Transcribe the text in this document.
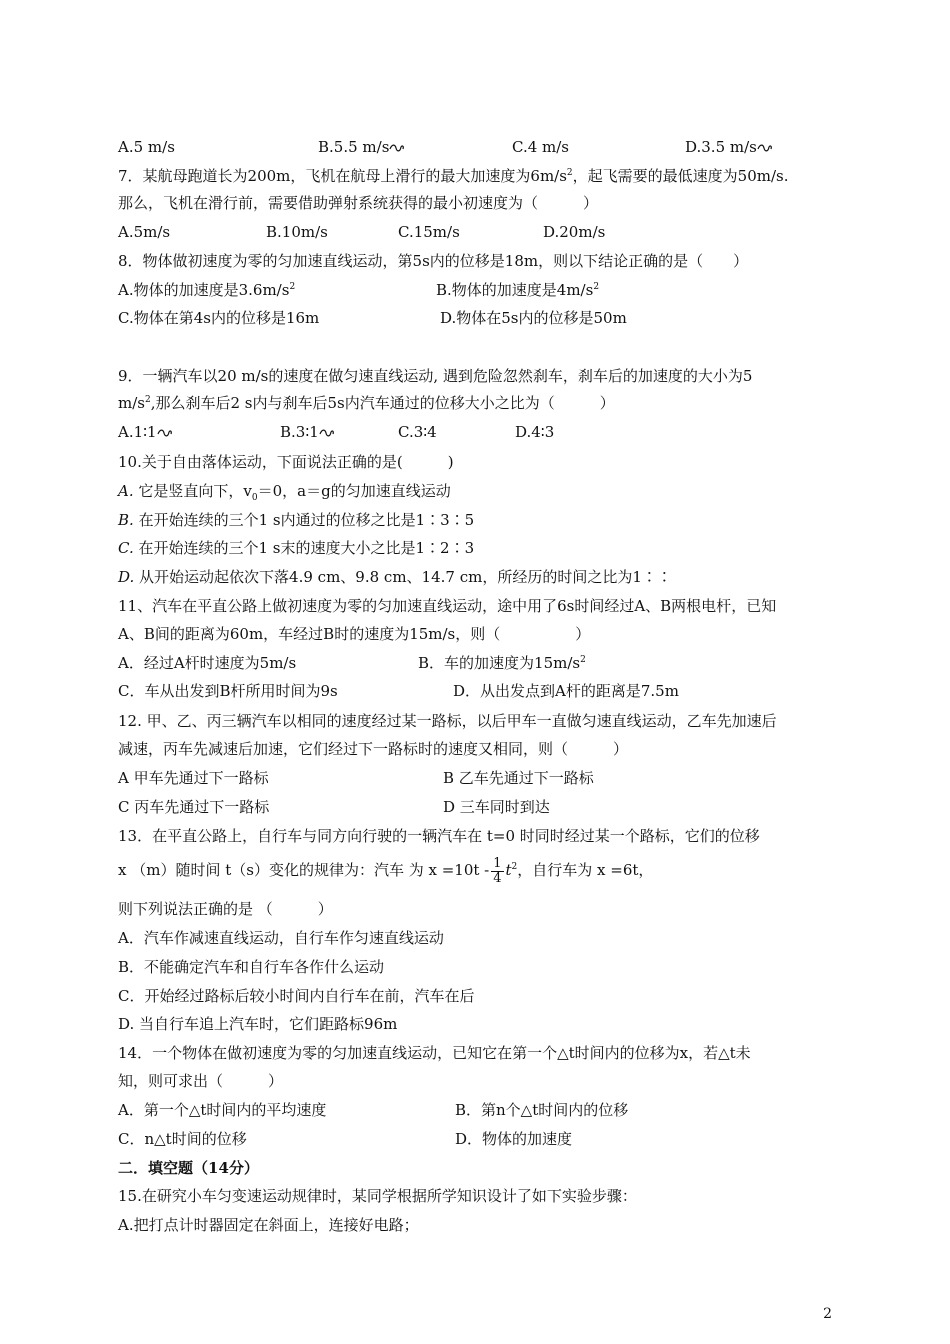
A.5 m/s	B.5.5 m/s	C.4 m/s	D.3.5 m/s
7．某航母跑道长为200m，飞机在航母上滑行的最大加速度为$6m/s^2$，起飞需要的最低速度为50m/s.
那么，飞机在滑行前，需要借助弹射系统获得的最小初速度为（　　　）
A.5m/s	B.10m/s	C.15m/s	D.20m/s
8．物体做初速度为零的匀加速直线运动，第5s内的位移是18m，则以下结论正确的是（　　）
A.物体的加速度是$3.6m/s^2$	B.物体的加速度是$4m/s^2$
C.物体在第4s内的位移是16m	D.物体在5s内的位移是50m
9．一辆汽车以20 m/s的速度在做匀速直线运动, 遇到危险忽然刹车，刹车后的加速度的大小为5
$m/s^2$,那么刹车后2 s内与刹车后5s内汽车通过的位移大小之比为（　　　）
A.1∶1	B.3∶1	C.3∶4	D.4∶3
10.关于自由落体运动，下面说法正确的是(　　　)
A. 它是竖直向下，$v_0=0$，a＝g的匀加速直线运动
B. 在开始连续的三个1 s内通过的位移之比是1∶3∶5
C. 在开始连续的三个1 s末的速度大小之比是1∶2∶3
D. 从开始运动起依次下落4.9 cm、9.8 cm、14.7 cm，所经历的时间之比为1∶∶
11、汽车在平直公路上做初速度为零的匀加速直线运动，途中用了6s时间经过A、B两根电杆，已知
A、B间的距离为60m，车经过B时的速度为15m/s，则（　　　　　）
A．经过A杆时速度为5m/s	B．车的加速度为$15m/s^2$
C．车从出发到B杆所用时间为9s	D．从出发点到A杆的距离是7.5m
12. 甲、乙、丙三辆汽车以相同的速度经过某一路标，以后甲车一直做匀速直线运动，乙车先加速后
减速，丙车先减速后加速，它们经过下一路标时的速度又相同，则（　　　）
A 甲车先通过下一路标	B 乙车先通过下一路标
C 丙车先通过下一路标	D 三车同时到达
13．在平直公路上，自行车与同方向行驶的一辆汽车在 t=0 时同时经过某一个路标，它们的位移
x （m）随时间 t（s）变化的规律为：汽车 为 $x =10t - \frac{1}{4} t^2$，自行车为 x =6t，
则下列说法正确的是 （　　　）
A．汽车作减速直线运动，自行车作匀速直线运动
B．不能确定汽车和自行车各作什么运动
C．开始经过路标后较小时间内自行车在前，汽车在后
D. 当自行车追上汽车时，它们距路标96m
14．一个物体在做初速度为零的匀加速直线运动，已知它在第一个△t时间内的位移为x，若△t未
知，则可求出（　　　）
A．第一个△t时间内的平均速度	B．第n个△t时间内的位移
C．n△t时间的位移	D．物体的加速度
二．填空题（14分）
15.在研究小车匀变速运动规律时，某同学根据所学知识设计了如下实验步骤：
A.把打点计时器固定在斜面上，连接好电路；
2
